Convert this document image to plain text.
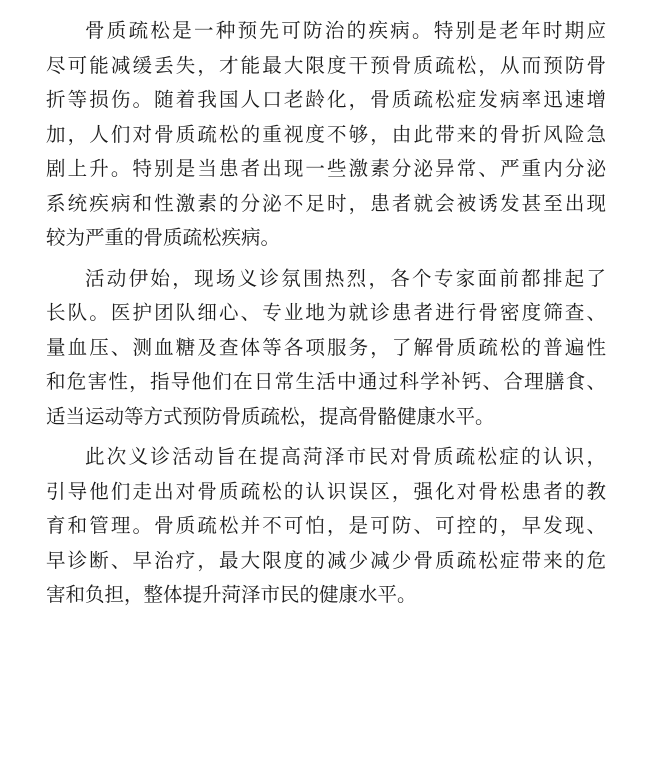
骨质疏松是一种预先可防治的疾病。特别是老年时期应
尽可能减缓丢失，才能最大限度干预骨质疏松，从而预防骨
折等损伤。随着我国人口老龄化，骨质疏松症发病率迅速增
加，人们对骨质疏松的重视度不够，由此带来的骨折风险急
剧上升。特别是当患者出现一些激素分泌异常、严重内分泌
系统疾病和性激素的分泌不足时，患者就会被诱发甚至出现
较为严重的骨质疏松疾病。
活动伊始，现场义诊氛围热烈，各个专家面前都排起了
长队。医护团队细心、专业地为就诊患者进行骨密度筛查、
量血压、测血糖及查体等各项服务，了解骨质疏松的普遍性
和危害性，指导他们在日常生活中通过科学补钙、合理膳食、
适当运动等方式预防骨质疏松，提高骨骼健康水平。
此次义诊活动旨在提高菏泽市民对骨质疏松症的认识，
引导他们走出对骨质疏松的认识误区，强化对骨松患者的教
育和管理。骨质疏松并不可怕，是可防、可控的，早发现、
早诊断、早治疗，最大限度的减少减少骨质疏松症带来的危
害和负担，整体提升菏泽市民的健康水平。
